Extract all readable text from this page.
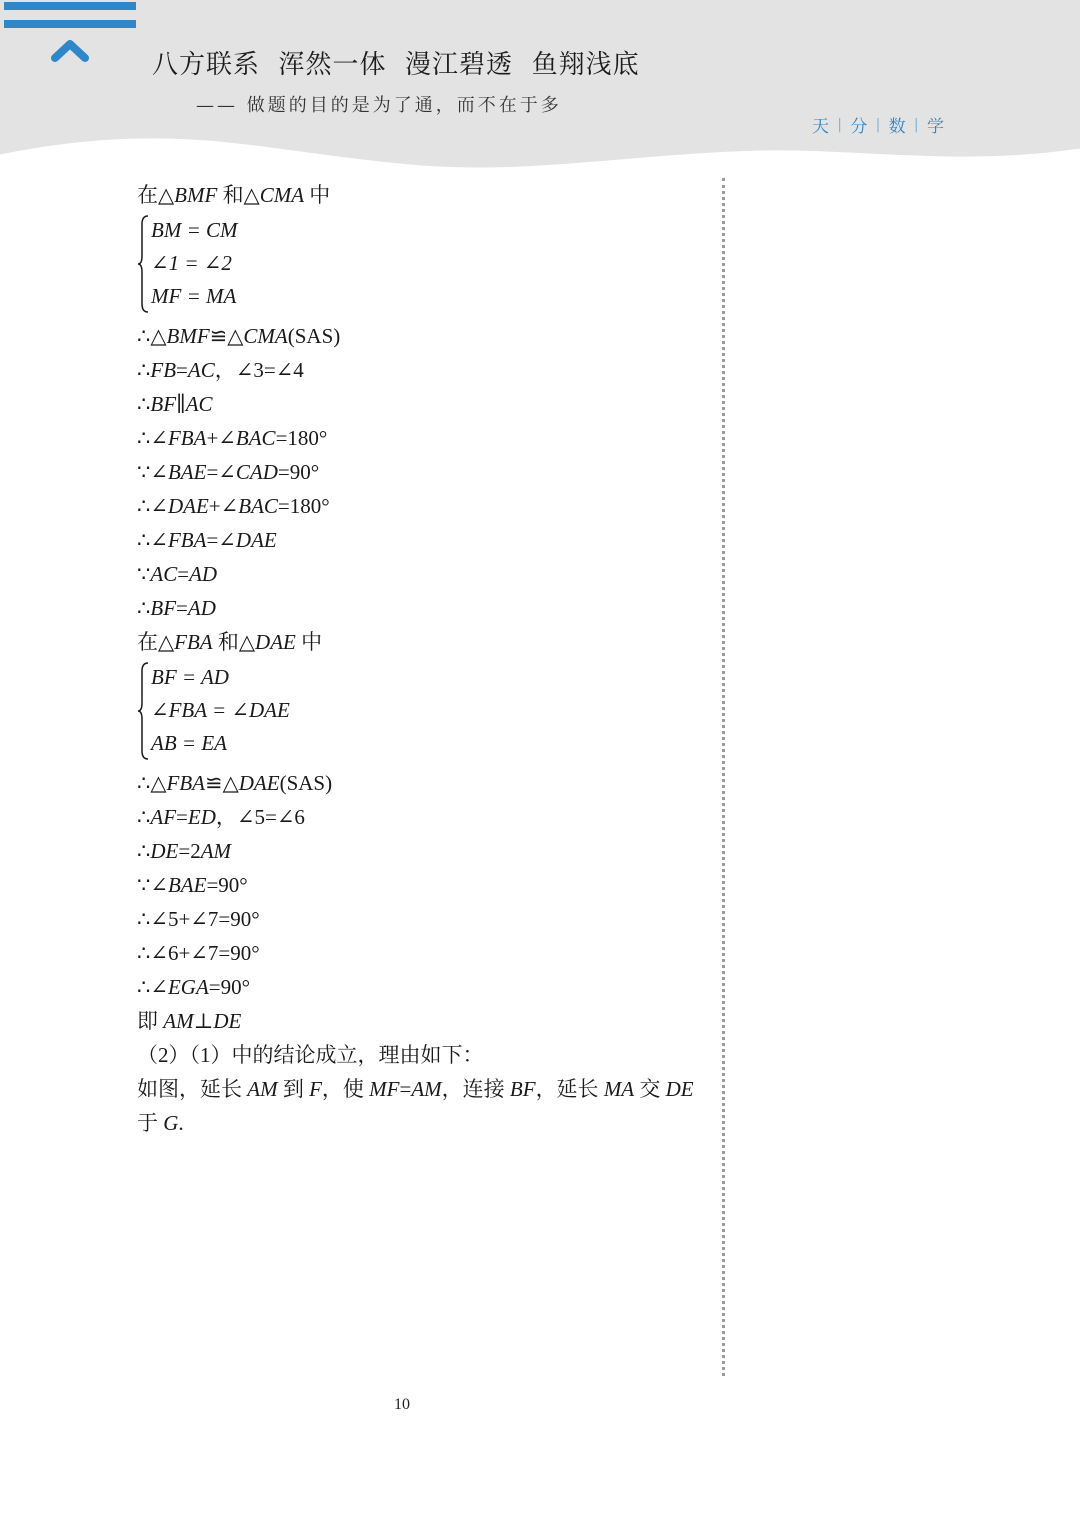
八方联系  浑然一体  漫江碧透  鱼翔浅底
—— 做题的目的是为了通，而不在于多
天 | 分 | 数 | 学
在△BMF 和△CMA 中
BM = CM
∠1 = ∠2
MF = MA
∴△BMF≌△CMA(SAS)
∴FB=AC，∠3=∠4
∴BF∥AC
∴∠FBA+∠BAC=180°
∵∠BAE=∠CAD=90°
∴∠DAE+∠BAC=180°
∴∠FBA=∠DAE
∵AC=AD
∴BF=AD
在△FBA 和△DAE 中
BF = AD
∠FBA = ∠DAE
AB = EA
∴△FBA≌△DAE(SAS)
∴AF=ED，∠5=∠6
∴DE=2AM
∵∠BAE=90°
∴∠5+∠7=90°
∴∠6+∠7=90°
∴∠EGA=90°
即 AM⊥DE
（2）（1）中的结论成立，理由如下：
如图，延长 AM 到 F，使 MF=AM，连接 BF，延长 MA 交 DE
于 G.
10
